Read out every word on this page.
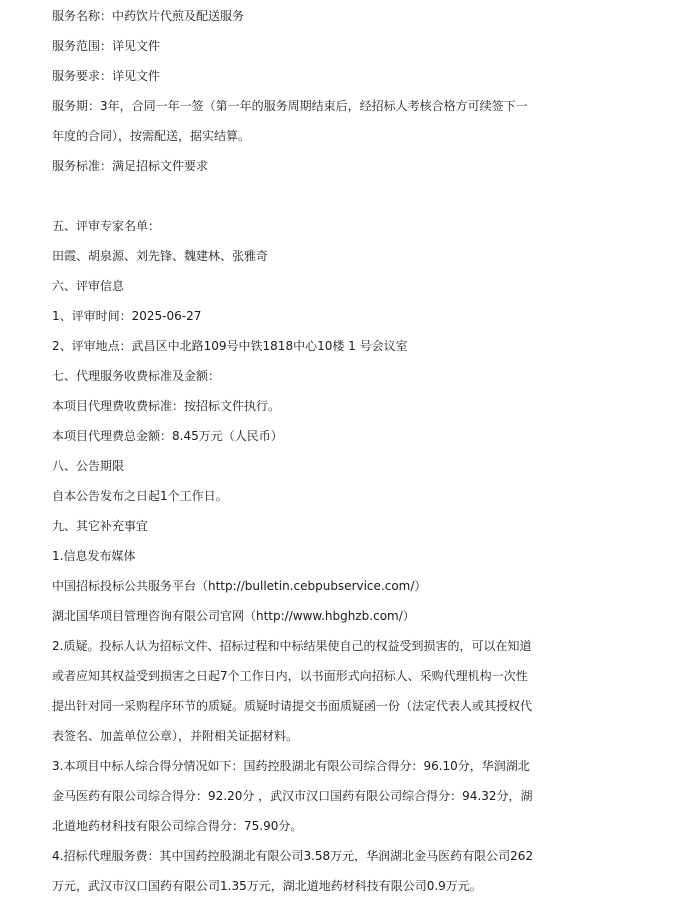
服务名称：中药饮片代煎及配送服务
服务范围：详见文件
服务要求：详见文件
服务期：3年，合同一年一签（第一年的服务周期结束后，经招标人考核合格方可续签下一
年度的合同），按需配送，据实结算。
服务标准：满足招标文件要求
五、评审专家名单：
田霞、胡泉源、刘先锋、魏建林、张雅奇
六、评审信息
1、评审时间：2025-06-27
2、评审地点：武昌区中北路109号中铁1818中心10楼 1 号会议室
七、代理服务收费标准及金额：
本项目代理费收费标准：按招标文件执行。
本项目代理费总金额：8.45万元（人民币）
八、公告期限
自本公告发布之日起1个工作日。
九、其它补充事宜
1.信息发布媒体
中国招标投标公共服务平台（http://bulletin.cebpubservice.com/）
湖北国华项目管理咨询有限公司官网（http://www.hbghzb.com/）
2.质疑。投标人认为招标文件、招标过程和中标结果使自己的权益受到损害的，可以在知道
或者应知其权益受到损害之日起7个工作日内，以书面形式向招标人、采购代理机构一次性
提出针对同一采购程序环节的质疑。质疑时请提交书面质疑函一份（法定代表人或其授权代
表签名、加盖单位公章），并附相关证据材料。
3.本项目中标人综合得分情况如下：国药控股湖北有限公司综合得分：96.10分，华润湖北
金马医药有限公司综合得分：92.20分 ，武汉市汉口国药有限公司综合得分：94.32分，湖
北道地药材科技有限公司综合得分：75.90分。
4.招标代理服务费：其中国药控股湖北有限公司3.58万元，华润湖北金马医药有限公司262
万元，武汉市汉口国药有限公司1.35万元，湖北道地药材科技有限公司0.9万元。
